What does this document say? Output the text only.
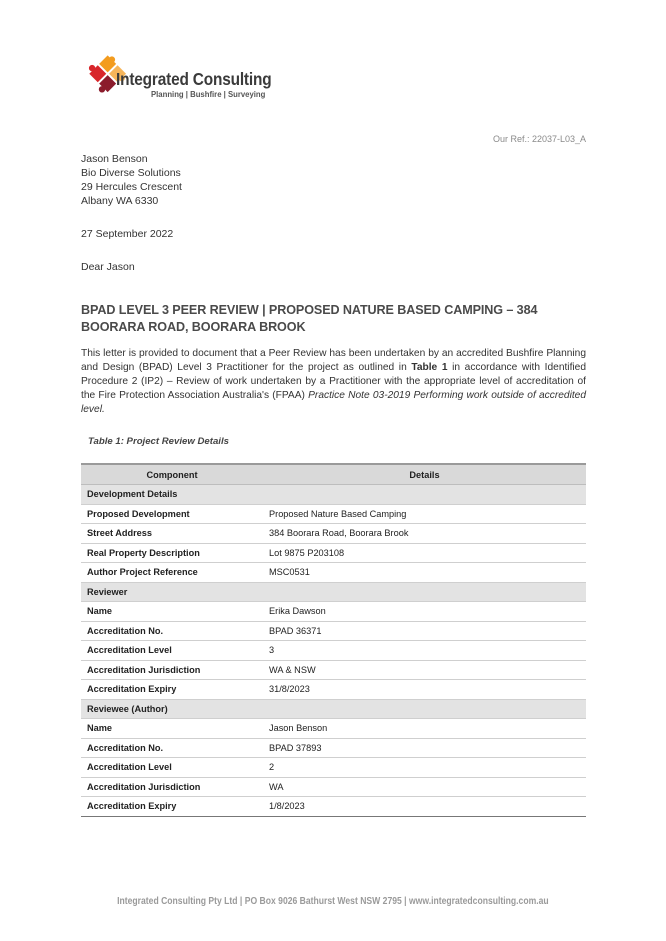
Integrated Consulting
Planning | Bushfire | Surveying
Our Ref.: 22037-L03_A
Jason Benson
Bio Diverse Solutions
29 Hercules Crescent
Albany WA 6330
27 September 2022
Dear Jason
BPAD LEVEL 3 PEER REVIEW | PROPOSED NATURE BASED CAMPING – 384 BOORARA ROAD, BOORARA BROOK
This letter is provided to document that a Peer Review has been undertaken by an accredited Bushfire Planning and Design (BPAD) Level 3 Practitioner for the project as outlined in Table 1 in accordance with Identified Procedure 2 (IP2) – Review of work undertaken by a Practitioner with the appropriate level of accreditation of the Fire Protection Association Australia's (FPAA) Practice Note 03-2019 Performing work outside of accredited level.
Table 1: Project Review Details
Component	Details
Development Details	
Proposed Development	Proposed Nature Based Camping
Street Address	384 Boorara Road, Boorara Brook
Real Property Description	Lot 9875 P203108
Author Project Reference	MSC0531
Reviewer	
Name	Erika Dawson
Accreditation No.	BPAD 36371
Accreditation Level	3
Accreditation Jurisdiction	WA & NSW
Accreditation Expiry	31/8/2023
Reviewee (Author)	
Name	Jason Benson
Accreditation No.	BPAD 37893
Accreditation Level	2
Accreditation Jurisdiction	WA
Accreditation Expiry	1/8/2023
Integrated Consulting Pty Ltd | PO Box 9026 Bathurst West NSW 2795 | www.integratedconsulting.com.au
